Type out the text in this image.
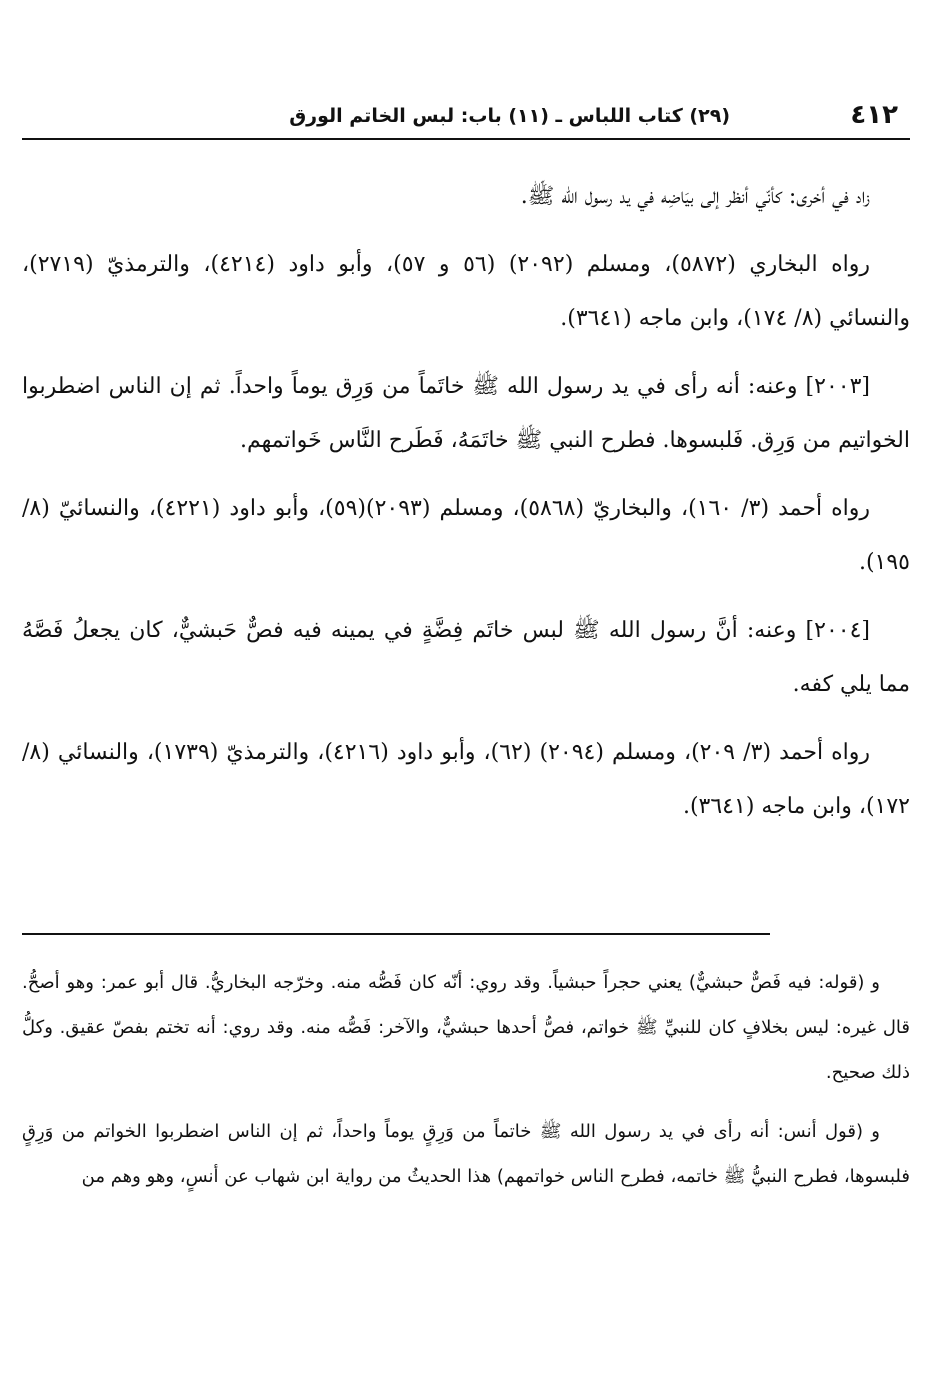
٤١٢
(٢٩) كتاب اللباس ـ (١١) باب: لبس الخاتم الورق

زاد في أخرى: كأنّي أنظر إلى بيَاضِه في يد رسول الله ﷺ.

رواه البخاري (٥٨٧٢)، ومسلم (٢٠٩٢) (٥٦ و ٥٧)، وأبو داود (٤٢١٤)، والترمذيّ (٢٧١٩)، والنسائي (٨/ ١٧٤)، وابن ماجه (٣٦٤١).

[٢٠٠٣] وعنه: أنه رأى في يد رسول الله ﷺ خاتَماً من وَرِق يوماً واحداً. ثم إن الناس اضطربوا الخواتيم من وَرِق. فَلبسوها. فطرح النبي ﷺ خاتَمَهُ، فَطَرح النَّاس خَواتمهم.

رواه أحمد (٣/ ١٦٠)، والبخاريّ (٥٨٦٨)، ومسلم (٢٠٩٣)(٥٩)، وأبو داود (٤٢٢١)، والنسائيّ (٨/ ١٩٥).

[٢٠٠٤] وعنه: أنَّ رسول الله ﷺ لبس خاتَم فِضَّةٍ في يمينه فيه فصٌّ حَبشيٌّ، كان يجعلُ فَصَّهُ مما يلي كفه.

رواه أحمد (٣/ ٢٠٩)، ومسلم (٢٠٩٤) (٦٢)، وأبو داود (٤٢١٦)، والترمذيّ (١٧٣٩)، والنسائي (٨/ ١٧٢)، وابن ماجه (٣٦٤١).

و (قوله: فيه فَصٌّ حبشيٌّ) يعني حجراً حبشياً. وقد روي: أنّه كان فَصُّه منه. وخرّجه البخاريُّ. قال أبو عمر: وهو أصحُّ. قال غيره: ليس بخلافٍ كان للنبيِّ ﷺ خواتم، فصُّ أحدها حبشيٌّ، والآخر: فَصُّه منه. وقد روي: أنه تختم بفصّ عقيق. وكلُّ ذلك صحيح.

و (قول أنس: أنه رأى في يد رسول الله ﷺ خاتماً من وَرِقٍ يوماً واحداً، ثم إن الناس اضطربوا الخواتم من وَرِقٍ فلبسوها، فطرح النبيُّ ﷺ خاتمه، فطرح الناس خواتمهم) هذا الحديثُ من رواية ابن شهاب عن أنسٍ، وهو وهم من
